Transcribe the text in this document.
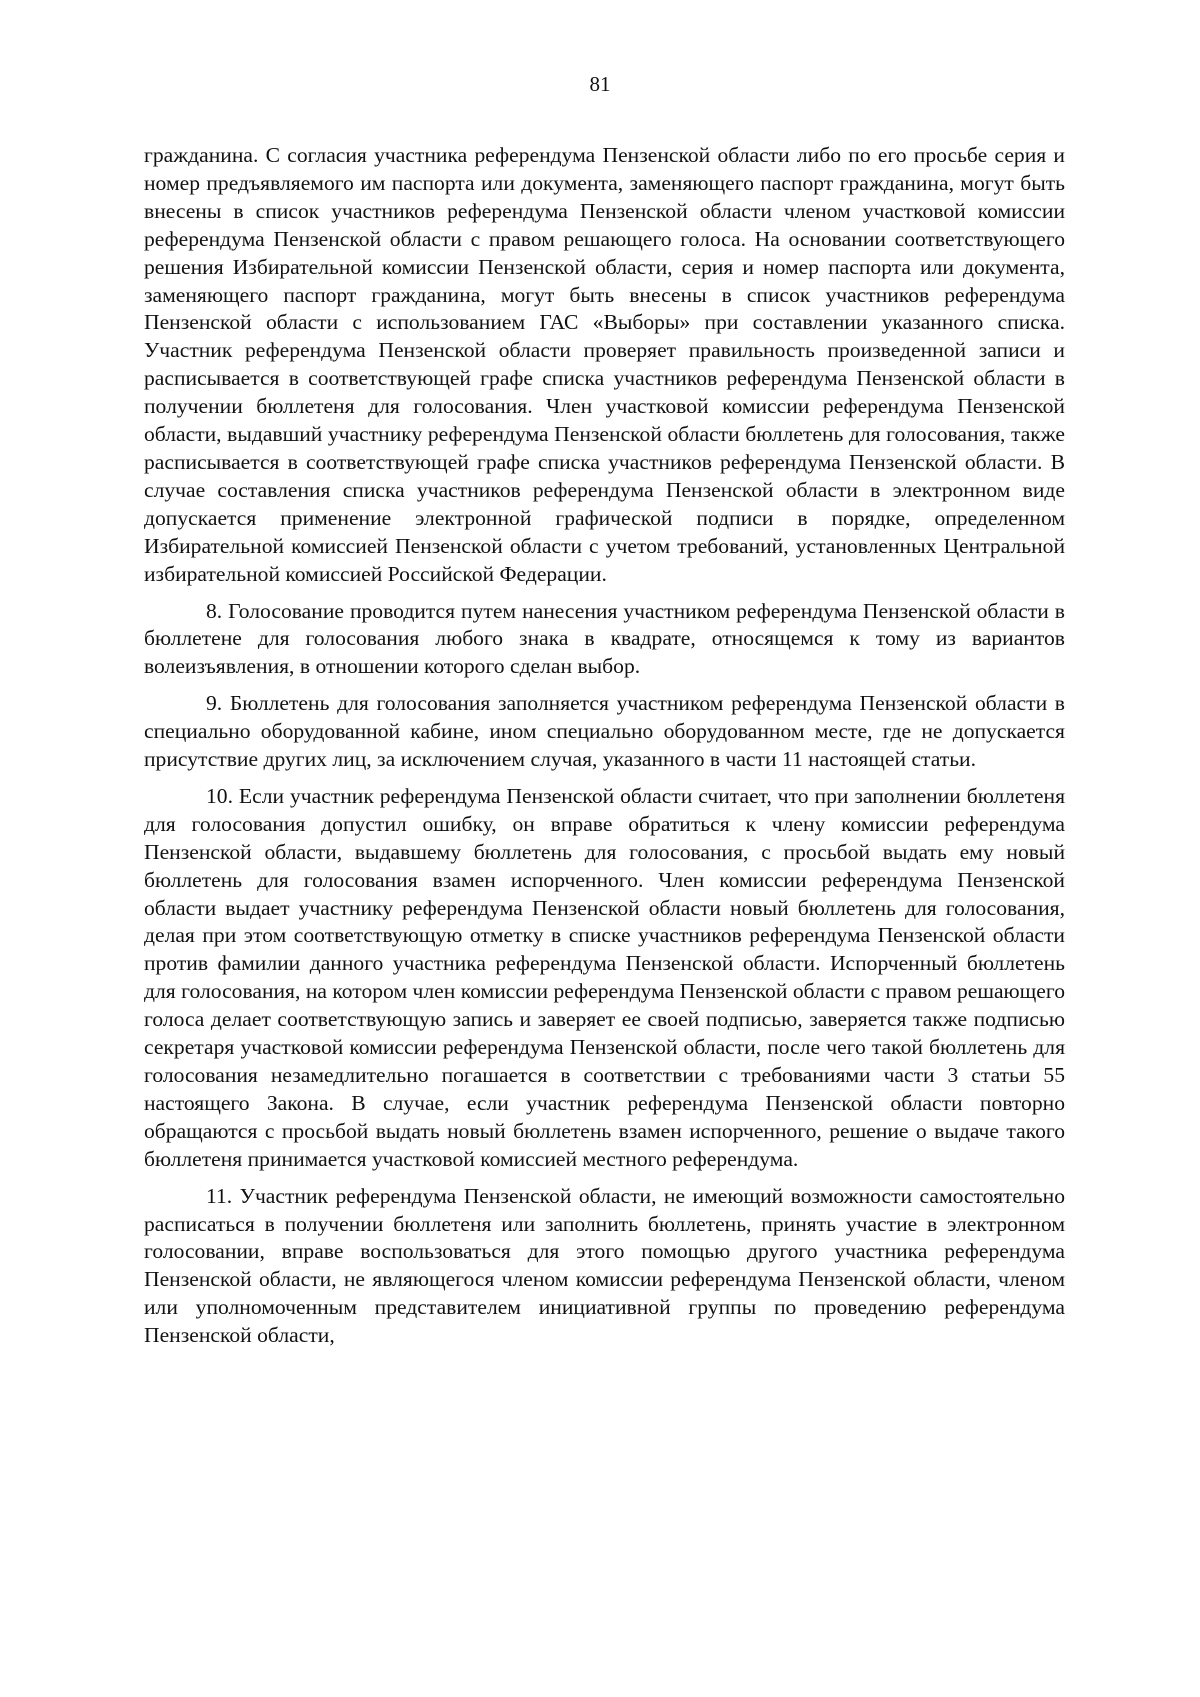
81

гражданина. С согласия участника референдума Пензенской области либо по его просьбе серия и номер предъявляемого им паспорта или документа, заменяющего паспорт гражданина, могут быть внесены в список участников референдума Пензенской области членом участковой комиссии референдума Пензенской области с правом решающего голоса. На основании соответствующего решения Избирательной комиссии Пензенской области, серия и номер паспорта или документа, заменяющего паспорт гражданина, могут быть внесены в список участников референдума Пензенской области с использованием ГАС «Выборы» при составлении указанного списка. Участник референдума Пензенской области проверяет правильность произведенной записи и расписывается в соответствующей графе списка участников референдума Пензенской области в получении бюллетеня для голосования. Член участковой комиссии референдума Пензенской области, выдавший участнику референдума Пензенской области бюллетень для голосования, также расписывается в соответствующей графе списка участников референдума Пензенской области. В случае составления списка участников референдума Пензенской области в электронном виде допускается применение электронной графической подписи в порядке, определенном Избирательной комиссией Пензенской области с учетом требований, установленных Центральной избирательной комиссией Российской Федерации.

8. Голосование проводится путем нанесения участником референдума Пензенской области в бюллетене для голосования любого знака в квадрате, относящемся к тому из вариантов волеизъявления, в отношении которого сделан выбор.

9. Бюллетень для голосования заполняется участником референдума Пензенской области в специально оборудованной кабине, ином специально оборудованном месте, где не допускается присутствие других лиц, за исключением случая, указанного в части 11 настоящей статьи.

10. Если участник референдума Пензенской области считает, что при заполнении бюллетеня для голосования допустил ошибку, он вправе обратиться к члену комиссии референдума Пензенской области, выдавшему бюллетень для голосования, с просьбой выдать ему новый бюллетень для голосования взамен испорченного. Член комиссии референдума Пензенской области выдает участнику референдума Пензенской области новый бюллетень для голосования, делая при этом соответствующую отметку в списке участников референдума Пензенской области против фамилии данного участника референдума Пензенской области. Испорченный бюллетень для голосования, на котором член комиссии референдума Пензенской области с правом решающего голоса делает соответствующую запись и заверяет ее своей подписью, заверяется также подписью секретаря участковой комиссии референдума Пензенской области, после чего такой бюллетень для голосования незамедлительно погашается в соответствии с требованиями части 3 статьи 55 настоящего Закона. В случае, если участник референдума Пензенской области повторно обращаются с просьбой выдать новый бюллетень взамен испорченного, решение о выдаче такого бюллетеня принимается участковой комиссией местного референдума.

11. Участник референдума Пензенской области, не имеющий возможности самостоятельно расписаться в получении бюллетеня или заполнить бюллетень, принять участие в электронном голосовании, вправе воспользоваться для этого помощью другого участника референдума Пензенской области, не являющегося членом комиссии референдума Пензенской области, членом или уполномоченным представителем инициативной группы по проведению референдума Пензенской области,
